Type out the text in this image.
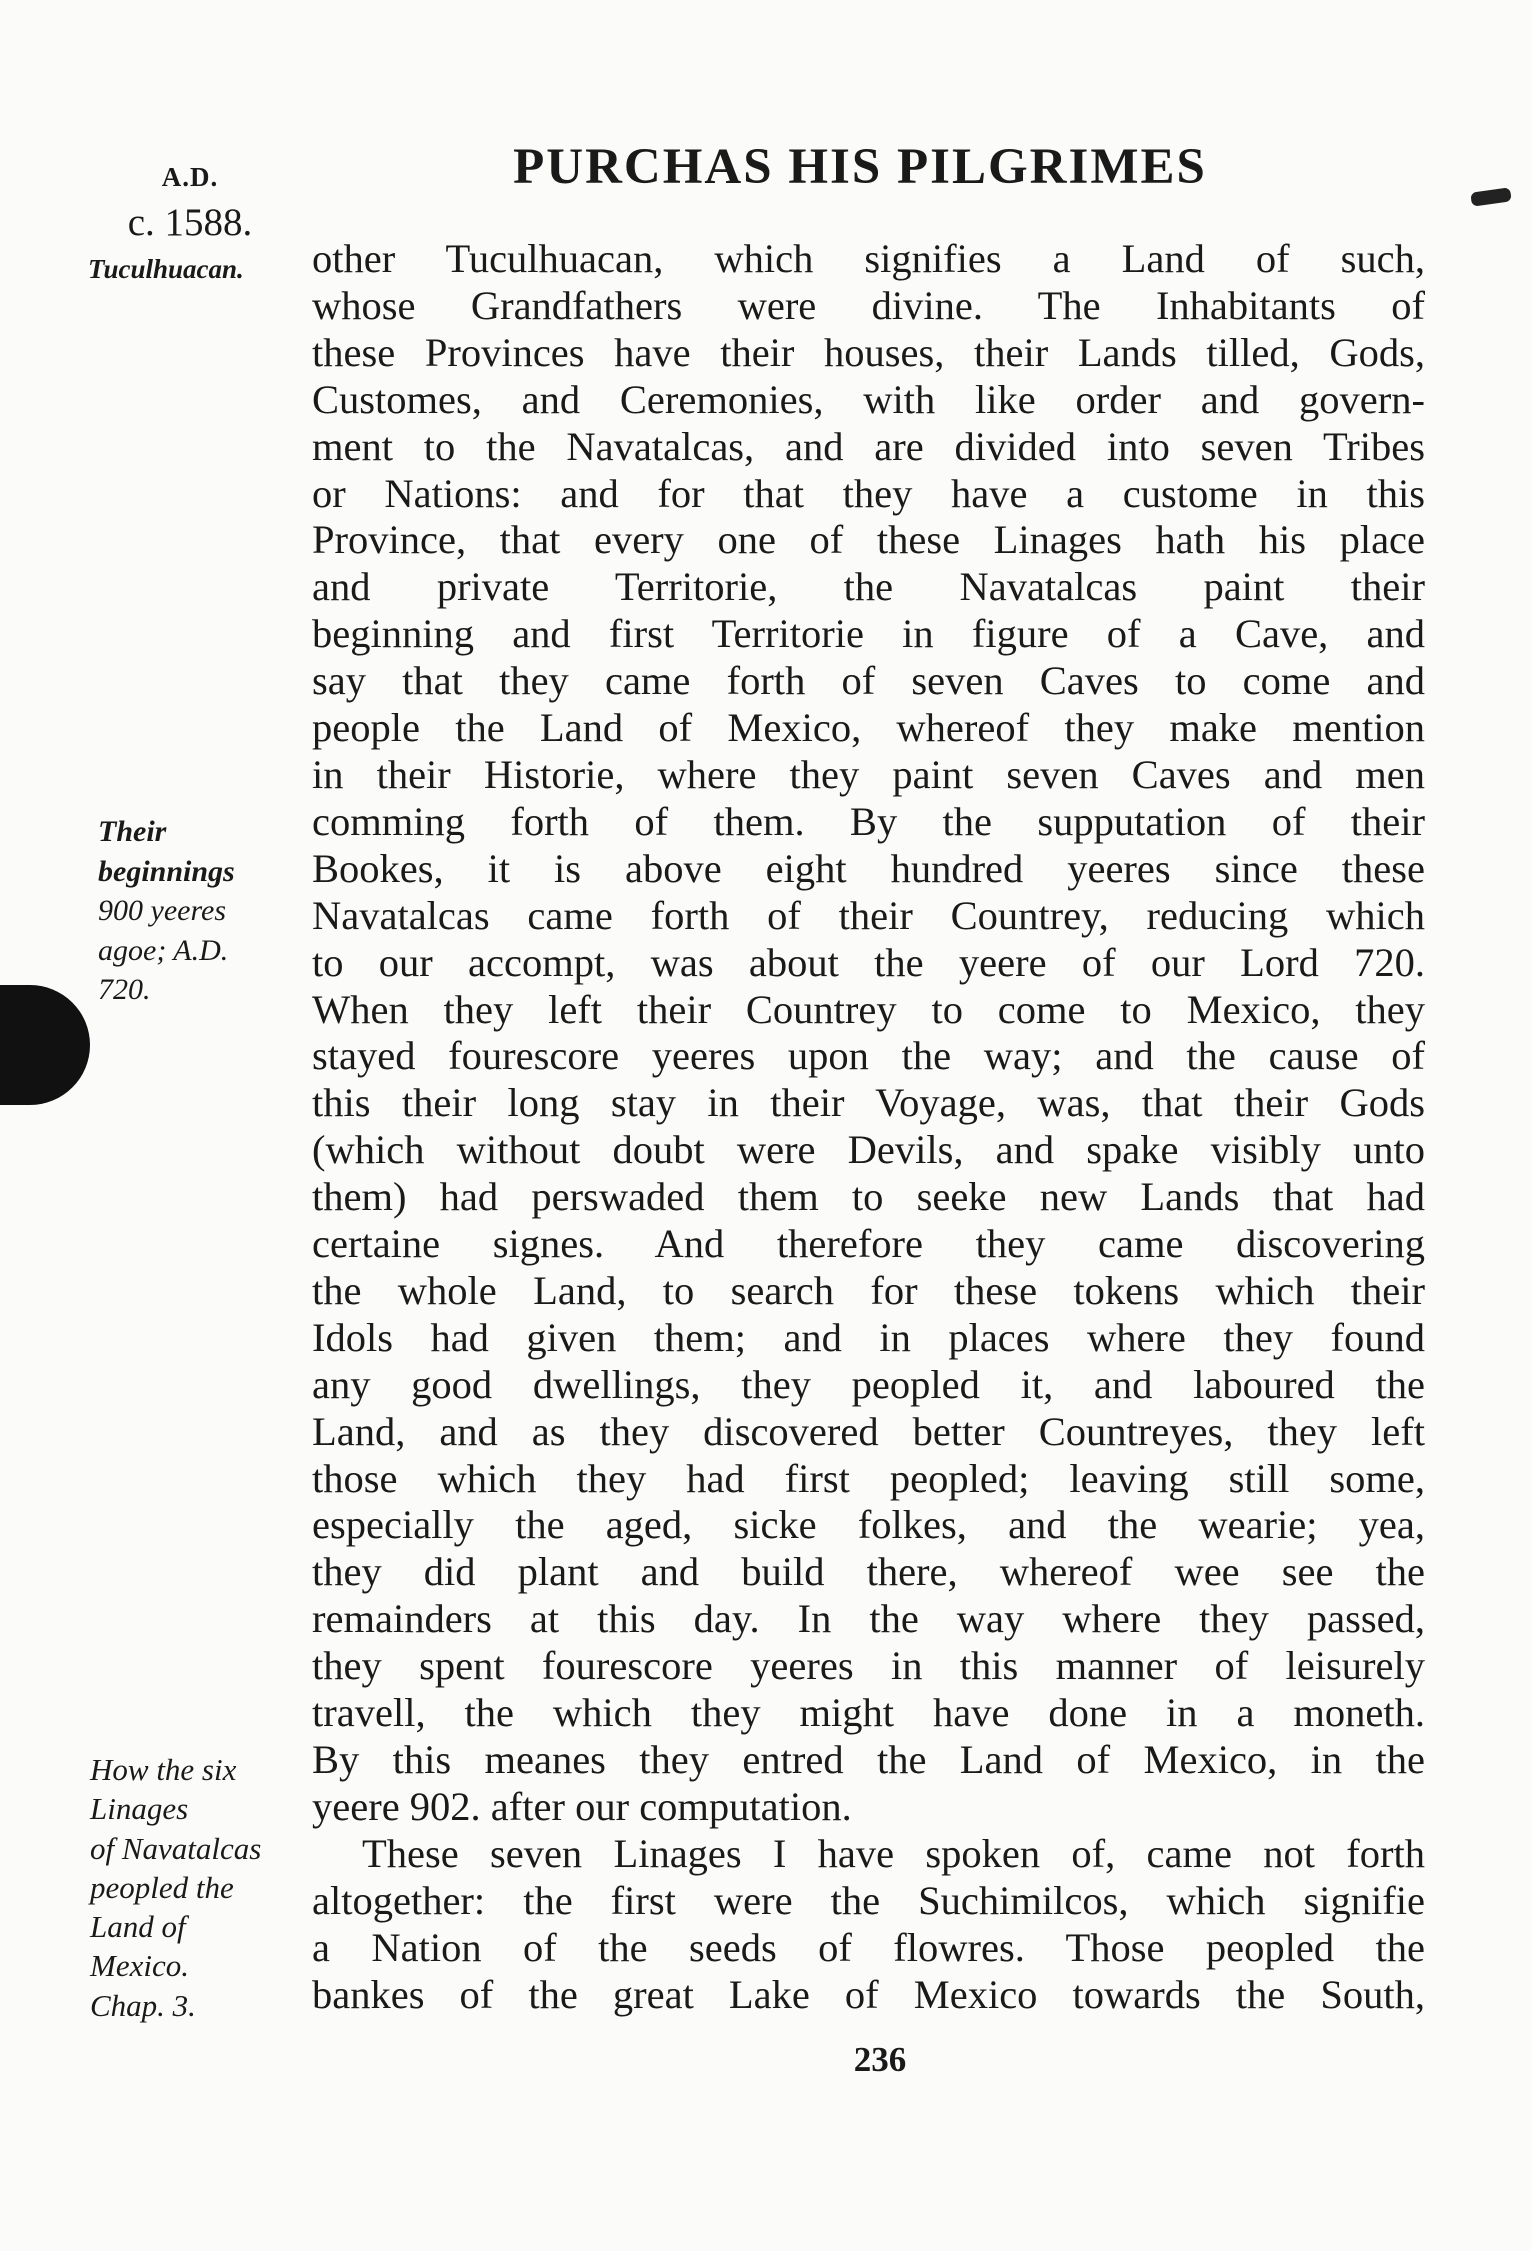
A.D.
c. 1588.
PURCHAS HIS PILGRIMES
Tuculhuacan.
Their
beginnings
900 yeeres
agoe; A.D.
720.
How the six
Linages
of Navatalcas
peopled the
Land of
Mexico.
Chap. 3.
other Tuculhuacan, which signifies a Land of such,
whose Grandfathers were divine. The Inhabitants of
these Provinces have their houses, their Lands tilled, Gods,
Customes, and Ceremonies, with like order and govern-
ment to the Navatalcas, and are divided into seven Tribes
or Nations: and for that they have a custome in this
Province, that every one of these Linages hath his place
and private Territorie, the Navatalcas paint their
beginning and first Territorie in figure of a Cave, and
say that they came forth of seven Caves to come and
people the Land of Mexico, whereof they make mention
in their Historie, where they paint seven Caves and men
comming forth of them. By the supputation of their
Bookes, it is above eight hundred yeeres since these
Navatalcas came forth of their Countrey, reducing which
to our accompt, was about the yeere of our Lord 720.
When they left their Countrey to come to Mexico, they
stayed fourescore yeeres upon the way; and the cause of
this their long stay in their Voyage, was, that their Gods
(which without doubt were Devils, and spake visibly unto
them) had perswaded them to seeke new Lands that had
certaine signes. And therefore they came discovering
the whole Land, to search for these tokens which their
Idols had given them; and in places where they found
any good dwellings, they peopled it, and laboured the
Land, and as they discovered better Countreyes, they left
those which they had first peopled; leaving still some,
especially the aged, sicke folkes, and the wearie; yea,
they did plant and build there, whereof wee see the
remainders at this day. In the way where they passed,
they spent fourescore yeeres in this manner of leisurely
travell, the which they might have done in a moneth.
By this meanes they entred the Land of Mexico, in the
yeere 902. after our computation.
These seven Linages I have spoken of, came not forth
altogether: the first were the Suchimilcos, which signifie
a Nation of the seeds of flowres. Those peopled the
bankes of the great Lake of Mexico towards the South,
236
